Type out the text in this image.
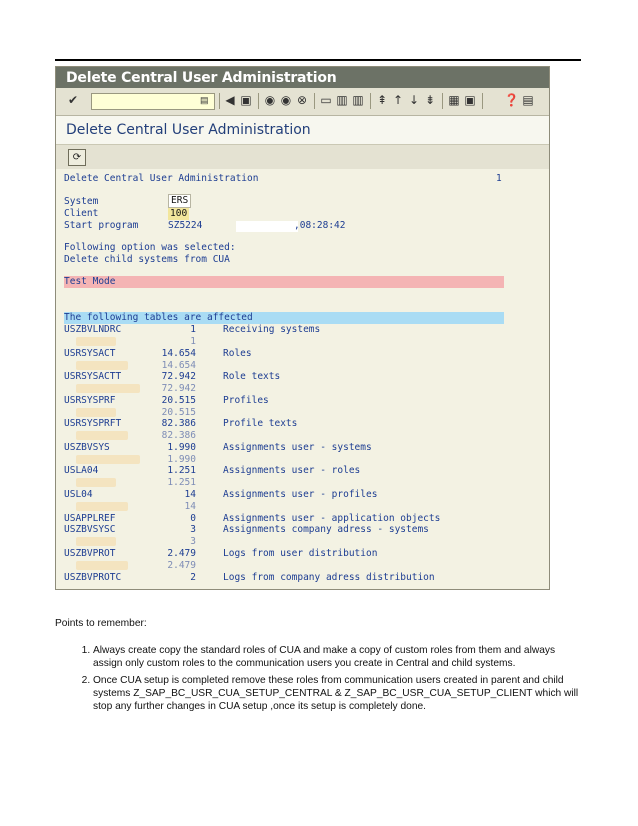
Delete Central User Administration
✔	▤ ◀ ▣ ◉ ◉ ⊗ ▭ ▥ ▥ ⇞ ↑ ↓ ⇟ ▦ ▣ ❓ ▤
Delete Central User Administration
⟳
Delete Central User Administration	1
System	ERS
Client	100
Start program	SZ5224	,08:28:42
Following option was selected:
Delete child systems from CUA
Test Mode
The following tables are affected
USZBVLNDRC	1	Receiving systems
1
USRSYSACT	14.654	Roles
14.654
USRSYSACTT	72.942	Role texts
72.942
USRSYSPRF	20.515	Profiles
20.515
USRSYSPRFT	82.386	Profile texts
82.386
USZBVSYS	1.990	Assignments user - systems
1.990
USLA04	1.251	Assignments user - roles
1.251
USL04	14	Assignments user - profiles
14
USAPPLREF	0	Assignments user - application objects
USZBVSYSC	3	Assignments company adress - systems
3
USZBVPROT	2.479	Logs from user distribution
2.479
USZBVPROTC	2	Logs from company adress distribution
Points to remember:
1. Always create copy the standard roles of CUA and make a copy of custom roles from them and always assign only custom roles to the communication users you create in Central and child systems.
2. Once CUA setup is completed remove these roles from communication users created in parent and child systems Z_SAP_BC_USR_CUA_SETUP_CENTRAL & Z_SAP_BC_USR_CUA_SETUP_CLIENT which will stop any further changes in CUA setup ,once its setup is completely done.
